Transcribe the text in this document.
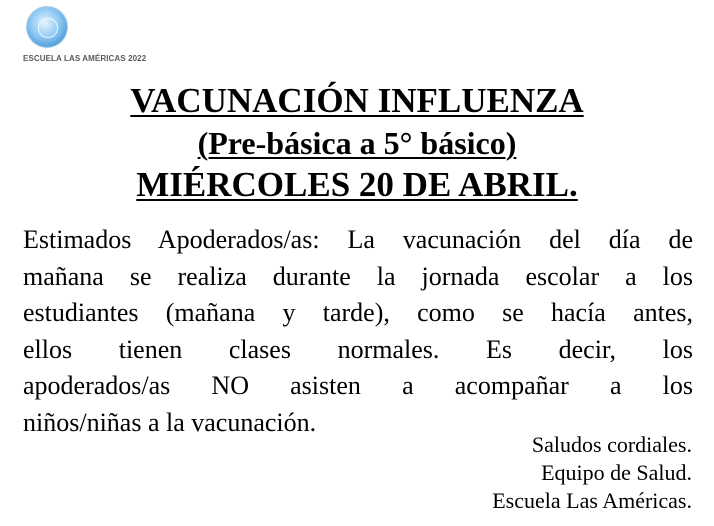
ESCUELA LAS AMÉRICAS 2022
VACUNACIÓN INFLUENZA
(Pre-básica a 5° básico)
MIÉRCOLES 20 DE ABRIL.
Estimados Apoderados/as: La vacunación del día de
mañana se realiza durante la jornada escolar a los
estudiantes (mañana y tarde), como se hacía antes,
ellos tienen clases normales. Es decir, los
apoderados/as NO asisten a acompañar a los
niños/niñas a la vacunación.
Saludos cordiales.
Equipo de Salud.
Escuela Las Américas.
